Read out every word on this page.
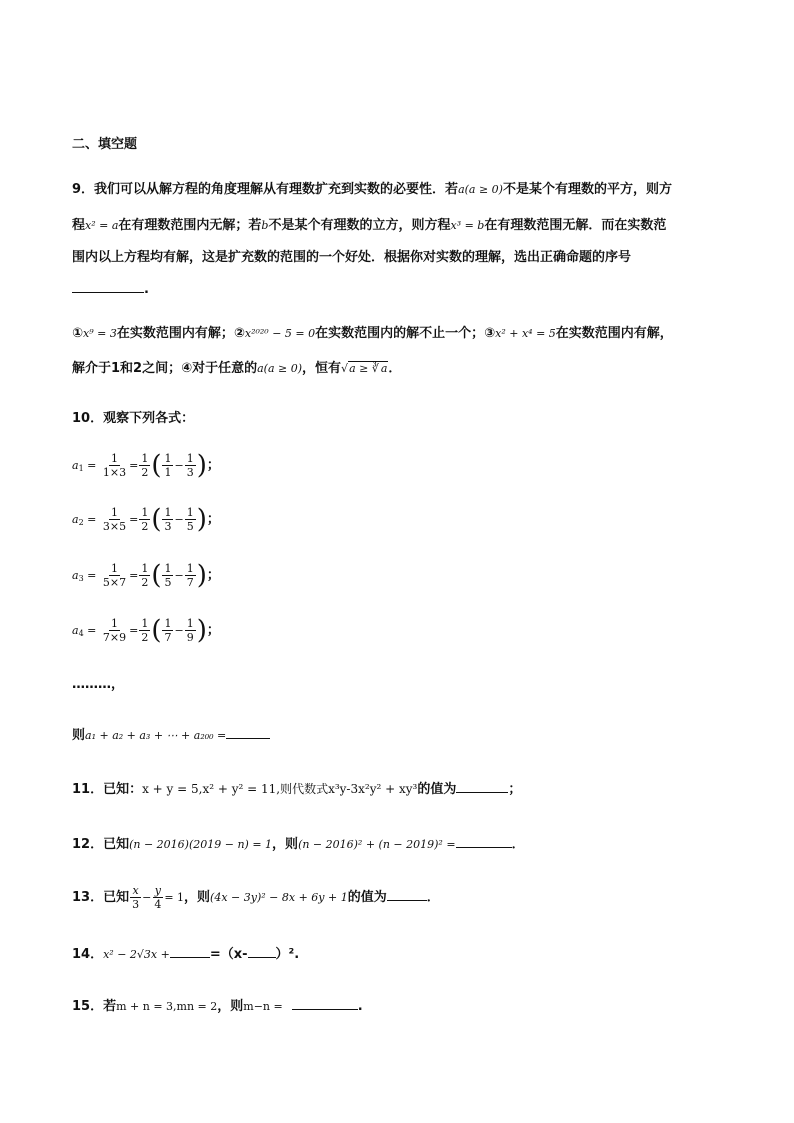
二、填空题
9．我们可以从解方程的角度理解从有理数扩充到实数的必要性．若a(a ≥ 0)不是某个有理数的平方，则方
程x² = a在有理数范围内无解；若b不是某个有理数的立方，则方程x³ = b在有理数范围无解．而在实数范
围内以上方程均有解，这是扩充数的范围的一个好处．根据你对实数的理解，选出正确命题的序号
.
①x⁹ = 3在实数范围内有解；②x²⁰²⁰ − 5 = 0在实数范围内的解不止一个；③x² + x⁴ = 5在实数范围内有解，
解介于1和2之间；④对于任意的a(a ≥ 0)，恒有√a ≥ ∛ a．
10．观察下列各式：
$a_1 = \frac{1}{1\times 3} = \frac{1}{2}$ ( $\frac{1}{1} - \frac{1}{3}$ )；
$a_2 = \frac{1}{3\times 5} = \frac{1}{2}$ ( $\frac{1}{3} - \frac{1}{5}$ )；
$a_3 = \frac{1}{5\times 7} = \frac{1}{2}$ ( $\frac{1}{5} - \frac{1}{7}$ )；
$a_4 = \frac{1}{7\times 9} = \frac{1}{2}$ ( $\frac{1}{7} - \frac{1}{9}$ )；
………，
则a₁ + a₂ + a₃ + ⋯ + a₂₀₀ =
11．已知：x + y = 5,x² + y² = 11,则代数式x³y-3x²y² + xy³的值为	；
12．已知(n − 2016)(2019 − n) = 1，则(n − 2016)² + (n − 2019)² =	．
13．已知 $\frac{x}{3} - \frac{y}{4} = 1$，则(4x − 3y)² − 8x + 6y + 1的值为	．
14．x² − 2√3x +	=（x- ）².
15．若m + n = 3,mn = 2，则m−n =	.
